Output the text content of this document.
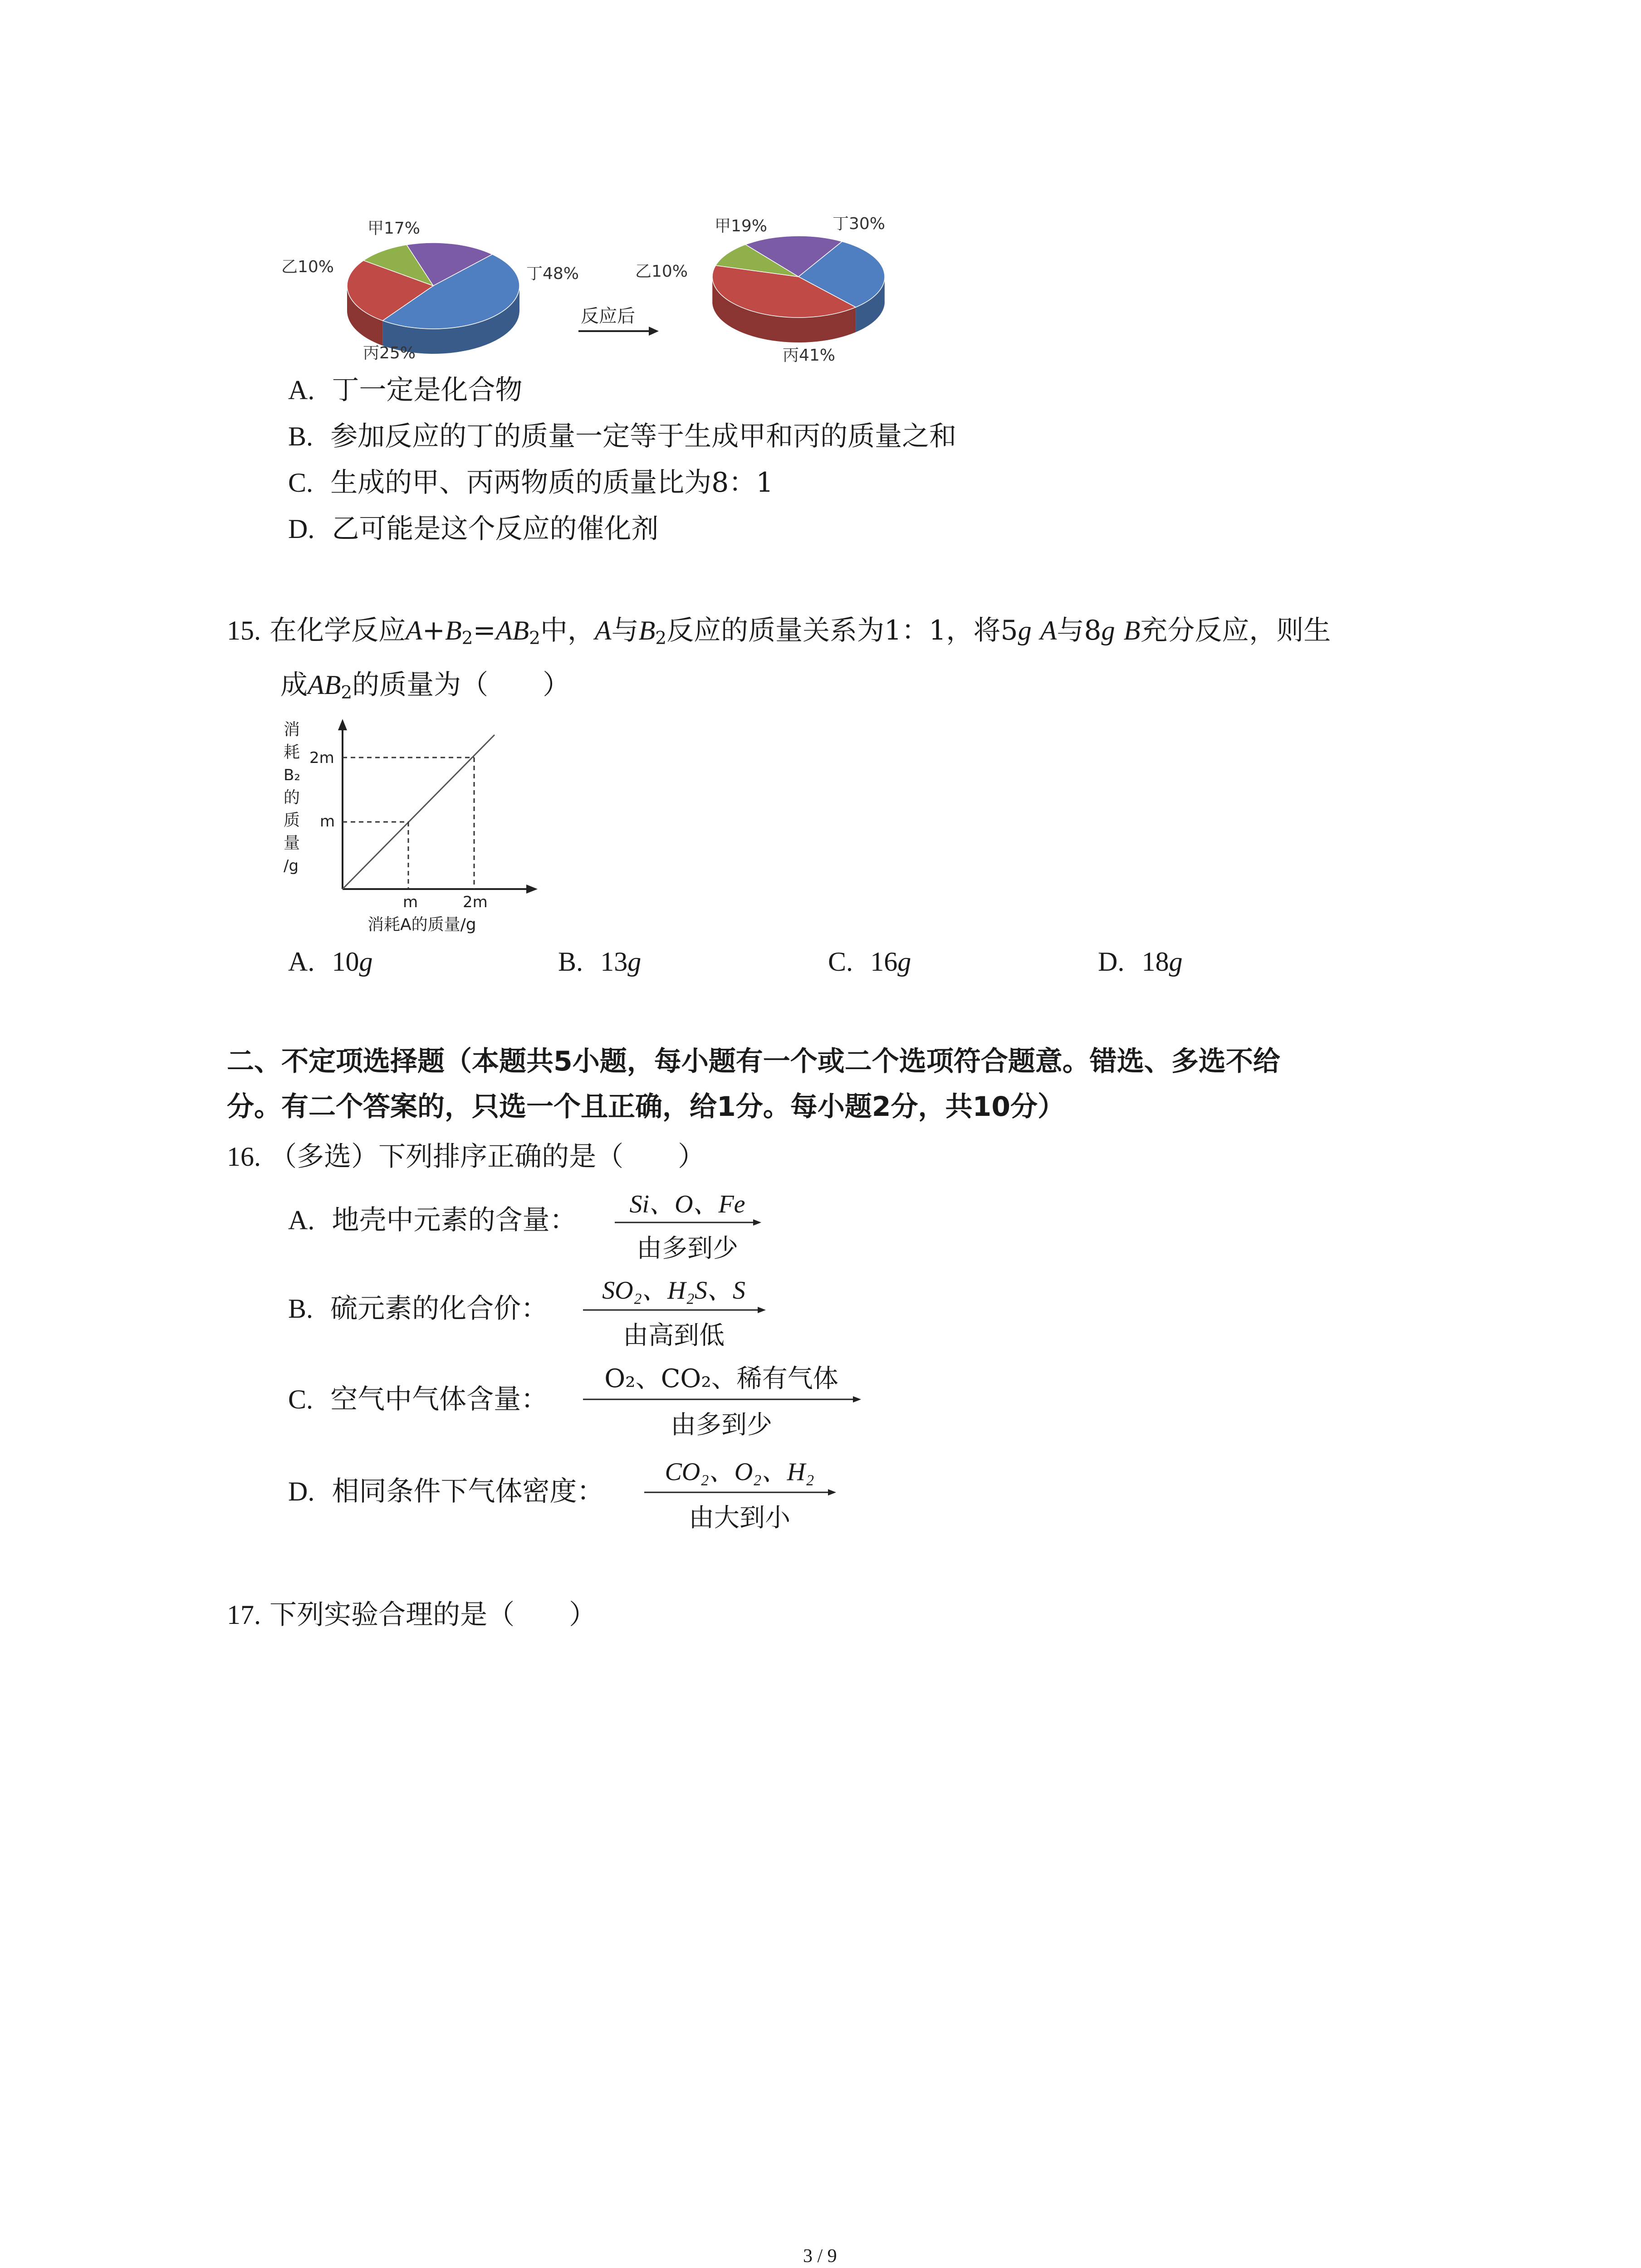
反应后
甲17%
乙10%
丙25%
丁48%
甲19%
乙10%
丙41%
丁30%
A. 丁一定是化合物
B. 参加反应的丁的质量一定等于生成甲和丙的质量之和
C. 生成的甲、丙两物质的质量比为8：1
D. 乙可能是这个反应的催化剂
15. 在化学反应$A+B_2=AB_2$中，A与$B_2$反应的质量关系为1：1，将5g A与8g B充分反应，则生
成$AB_2$的质量为（　　）
消
耗
B₂
的
质
量
/g
2m
m
m	2m
消耗A的质量/g
A. 10g	B. 13g	C. 16g	D. 18g
二、不定项选择题（本题共5小题，每小题有一个或二个选项符合题意。错选、多选不给
分。有二个答案的，只选一个且正确，给1分。每小题2分，共10分）
16. （多选）下列排序正确的是（　　）
A. 地壳中元素的含量：	Si、O、Fe
由多到少
B. 硫元素的化合价：
SO₂、H₂S、S
由高到低
C. 空气中气体含量：
O₂、CO₂、稀有气体
由多到少
D. 相同条件下气体密度：
CO₂、O₂、H₂
由大到小
17. 下列实验合理的是（　　）
3 / 9
